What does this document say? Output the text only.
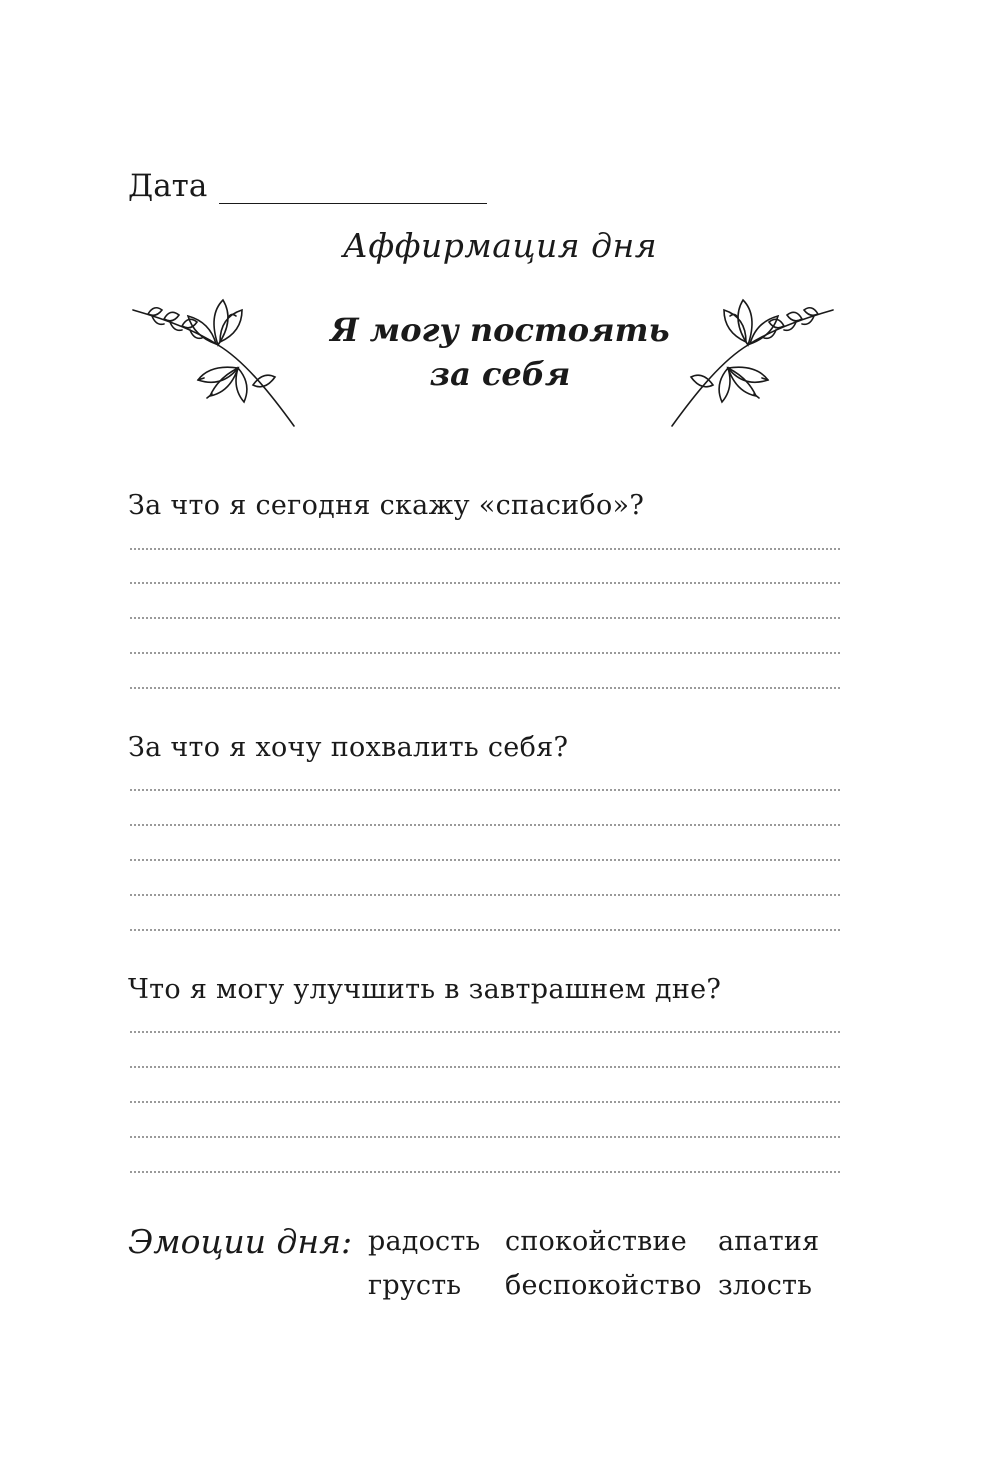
Дата
Аффирмация дня
Я могу постоять
за себя
За что я сегодня скажу «спасибо»?
За что я хочу похвалить себя?
Что я могу улучшить в завтрашнем дне?
Эмоции дня: радость спокойствие апатия
грусть беспокойство злость
